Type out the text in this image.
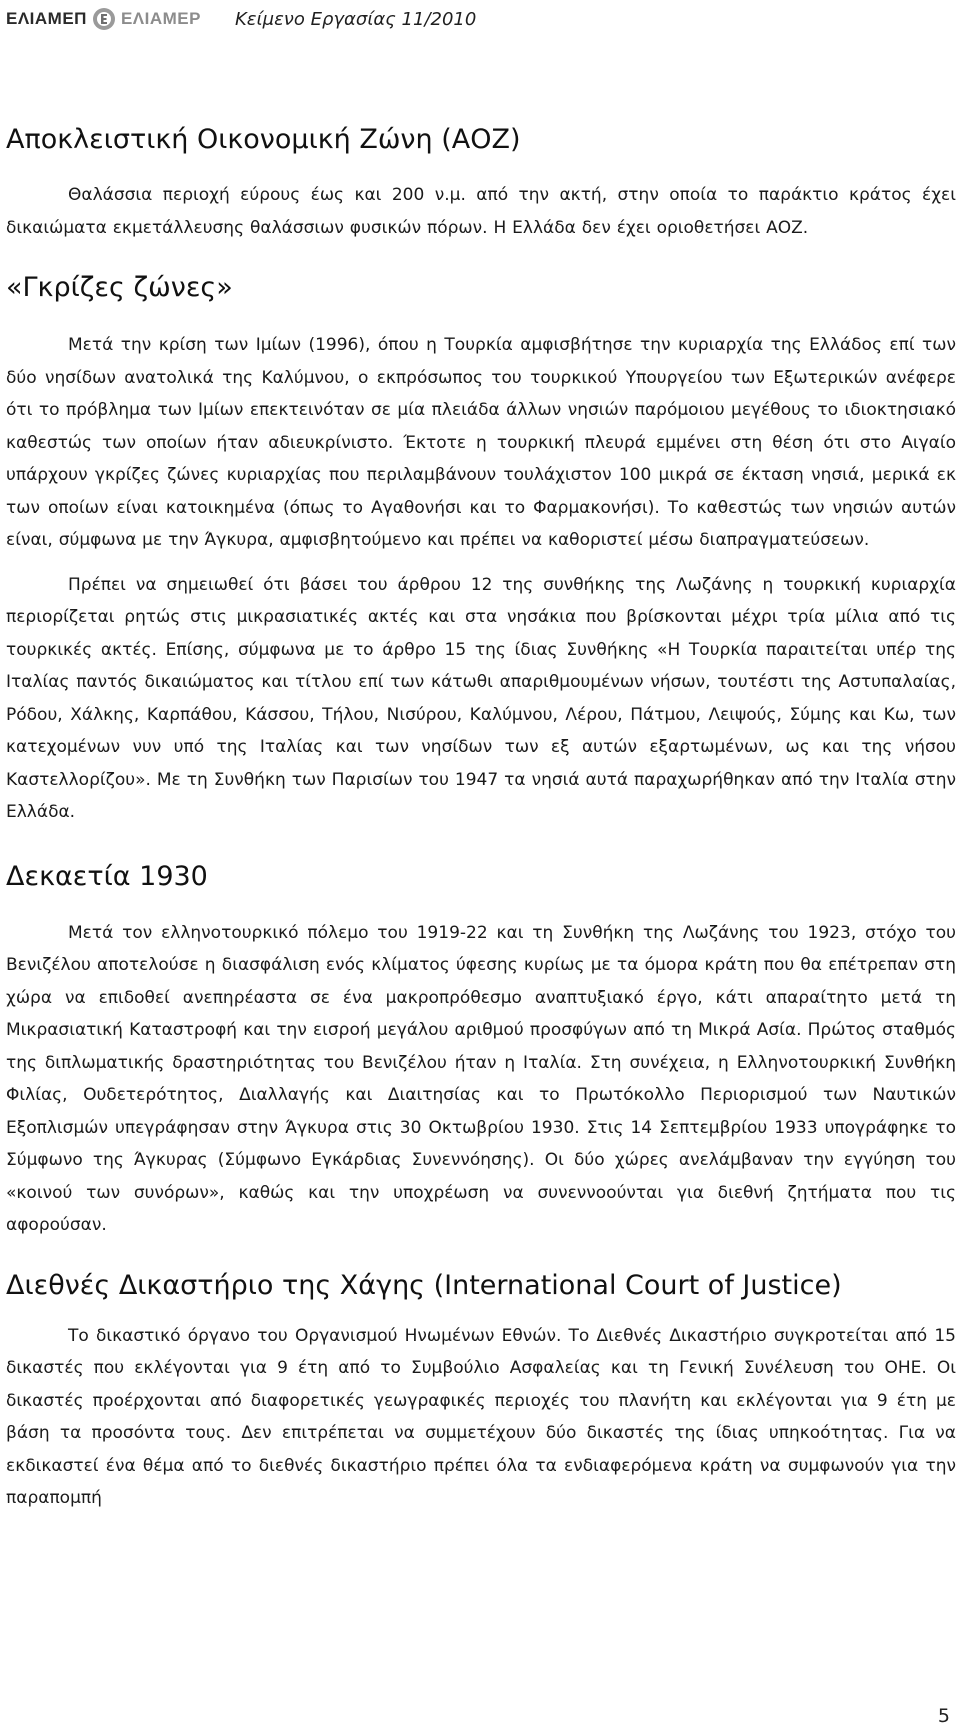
ΕΛΙΑΜΕΠ ΕΛΙΑΜΕΡ Κείμενο Εργασίας 11/2010
Αποκλειστική Οικονομική Ζώνη (ΑΟΖ)

Θαλάσσια περιοχή εύρους έως και 200 ν.μ. από την ακτή, στην οποία το παράκτιο κράτος έχει δικαιώματα εκμετάλλευσης θαλάσσιων φυσικών πόρων. Η Ελλάδα δεν έχει οριοθετήσει ΑΟΖ.

«Γκρίζες ζώνες»

Μετά την κρίση των Ιμίων (1996), όπου η Τουρκία αμφισβήτησε την κυριαρχία της Ελλάδος επί των δύο νησίδων ανατολικά της Καλύμνου, ο εκπρόσωπος του τουρκικού Υπουργείου των Εξωτερικών ανέφερε ότι το πρόβλημα των Ιμίων επεκτεινόταν σε μία πλειάδα άλλων νησιών παρόμοιου μεγέθους το ιδιοκτησιακό καθεστώς των οποίων ήταν αδιευκρίνιστο. Έκτοτε η τουρκική πλευρά εμμένει στη θέση ότι στο Αιγαίο υπάρχουν γκρίζες ζώνες κυριαρχίας που περιλαμβάνουν τουλάχιστον 100 μικρά σε έκταση νησιά, μερικά εκ των οποίων είναι κατοικημένα (όπως το Αγαθονήσι και το Φαρμακονήσι). Το καθεστώς των νησιών αυτών είναι, σύμφωνα με την Άγκυρα, αμφισβητούμενο και πρέπει να καθοριστεί μέσω διαπραγματεύσεων.

Πρέπει να σημειωθεί ότι βάσει του άρθρου 12 της συνθήκης της Λωζάνης η τουρκική κυριαρχία περιορίζεται ρητώς στις μικρασιατικές ακτές και στα νησάκια που βρίσκονται μέχρι τρία μίλια από τις τουρκικές ακτές. Επίσης, σύμφωνα με το άρθρο 15 της ίδιας Συνθήκης «Η Τουρκία παραιτείται υπέρ της Ιταλίας παντός δικαιώματος και τίτλου επί των κάτωθι απαριθμουμένων νήσων, τουτέστι της Αστυπαλαίας, Ρόδου, Χάλκης, Καρπάθου, Κάσσου, Τήλου, Νισύρου, Καλύμνου, Λέρου, Πάτμου, Λειψούς, Σύμης και Κω, των κατεχομένων νυν υπό της Ιταλίας και των νησίδων των εξ αυτών εξαρτωμένων, ως και της νήσου Καστελλορίζου». Με τη Συνθήκη των Παρισίων του 1947 τα νησιά αυτά παραχωρήθηκαν από την Ιταλία στην Ελλάδα.

Δεκαετία 1930

Μετά τον ελληνοτουρκικό πόλεμο του 1919-22 και τη Συνθήκη της Λωζάνης του 1923, στόχο του Βενιζέλου αποτελούσε η διασφάλιση ενός κλίματος ύφεσης κυρίως με τα όμορα κράτη που θα επέτρεπαν στη χώρα να επιδοθεί ανεπηρέαστα σε ένα μακροπρόθεσμο αναπτυξιακό έργο, κάτι απαραίτητο μετά τη Μικρασιατική Καταστροφή και την εισροή μεγάλου αριθμού προσφύγων από τη Μικρά Ασία. Πρώτος σταθμός της διπλωματικής δραστηριότητας του Βενιζέλου ήταν η Ιταλία. Στη συνέχεια, η Ελληνοτουρκική Συνθήκη Φιλίας, Ουδετερότητος, Διαλλαγής και Διαιτησίας και το Πρωτόκολλο Περιορισμού των Ναυτικών Εξοπλισμών υπεγράφησαν στην Άγκυρα στις 30 Οκτωβρίου 1930. Στις 14 Σεπτεμβρίου 1933 υπογράφηκε το Σύμφωνο της Άγκυρας (Σύμφωνο Εγκάρδιας Συνεννόησης). Οι δύο χώρες ανελάμβαναν την εγγύηση του «κοινού των συνόρων», καθώς και την υποχρέωση να συνεννοούνται για διεθνή ζητήματα που τις αφορούσαν.

Διεθνές Δικαστήριο της Χάγης (International Court of Justice)

Το δικαστικό όργανο του Οργανισμού Ηνωμένων Εθνών. Το Διεθνές Δικαστήριο συγκροτείται από 15 δικαστές που εκλέγονται για 9 έτη από το Συμβούλιο Ασφαλείας και τη Γενική Συνέλευση του ΟΗΕ. Οι δικαστές προέρχονται από διαφορετικές γεωγραφικές περιοχές του πλανήτη και εκλέγονται για 9 έτη με βάση τα προσόντα τους. Δεν επιτρέπεται να συμμετέχουν δύο δικαστές της ίδιας υπηκοότητας. Για να εκδικαστεί ένα θέμα από το διεθνές δικαστήριο πρέπει όλα τα ενδιαφερόμενα κράτη να συμφωνούν για την παραπομπή

5
